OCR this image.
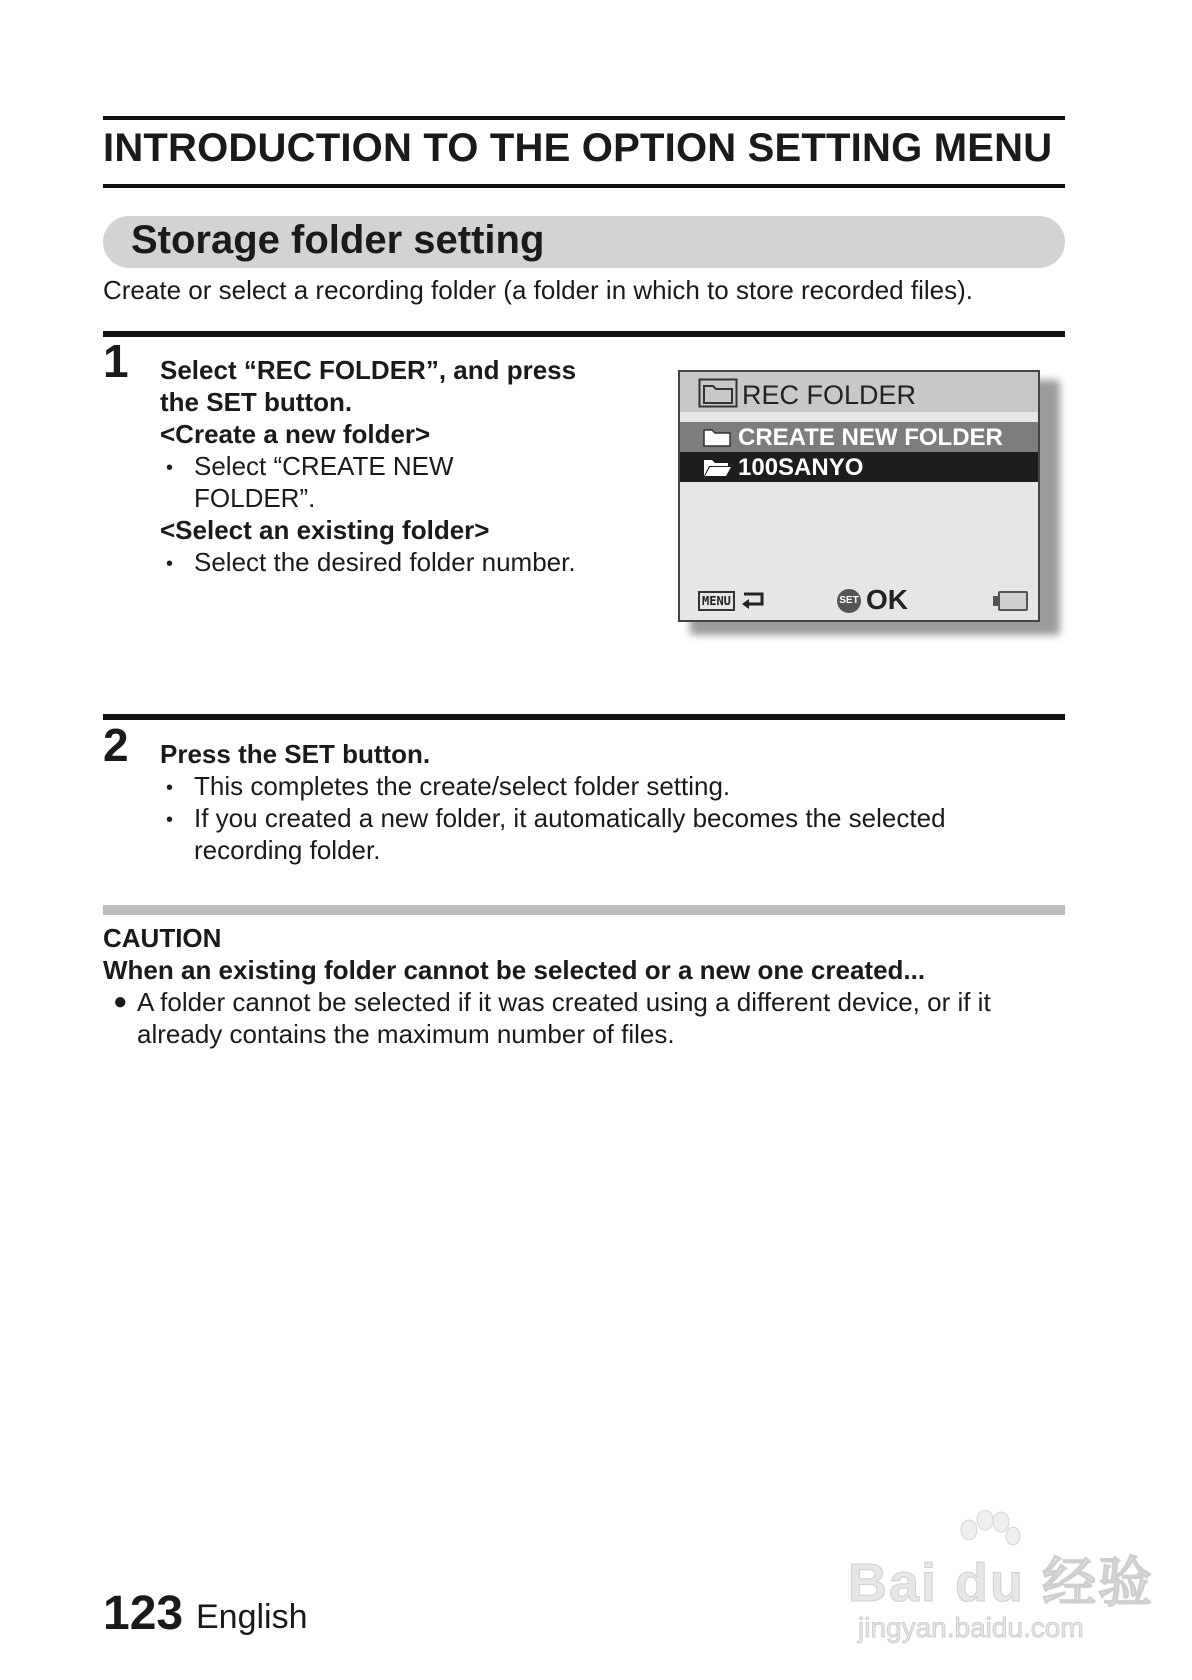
INTRODUCTION TO THE OPTION SETTING MENU
Storage folder setting
Create or select a recording folder (a folder in which to store recorded files).
1 Select “REC FOLDER”, and press
the SET button.
<Create a new folder>
• Select “CREATE NEW
FOLDER”.
<Select an existing folder>
• Select the desired folder number.
REC FOLDER
CREATE NEW FOLDER
100SANYO
MENU	SET OK
2 Press the SET button.
• This completes the create/select folder setting.
• If you created a new folder, it automatically becomes the selected
recording folder.
CAUTION
When an existing folder cannot be selected or a new one created...
● A folder cannot be selected if it was created using a different device, or if it
already contains the maximum number of files.
123 English
Bai du 经验
jingyan.baidu.com
